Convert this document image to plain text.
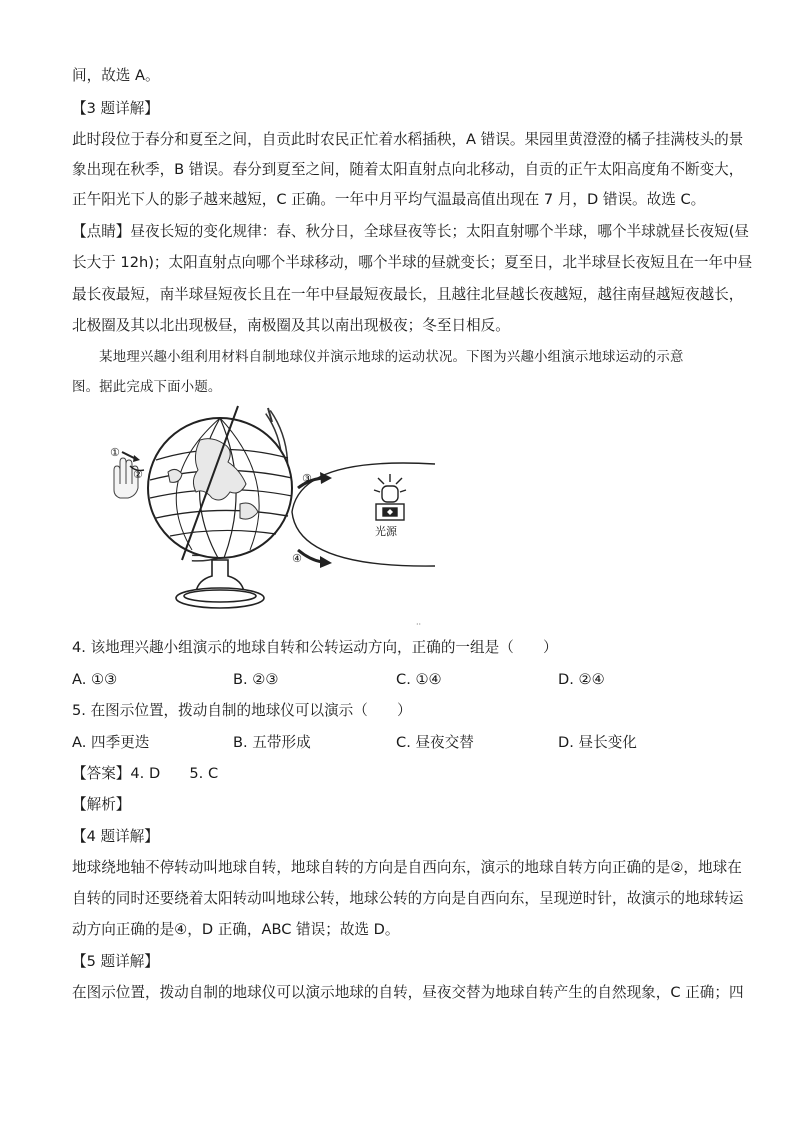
间，故选 A。
【3 题详解】
此时段位于春分和夏至之间，自贡此时农民正忙着水稻插秧，A 错误。果园里黄澄澄的橘子挂满枝头的景
象出现在秋季，B 错误。春分到夏至之间，随着太阳直射点向北移动，自贡的正午太阳高度角不断变大，
正午阳光下人的影子越来越短，C 正确。一年中月平均气温最高值出现在 7 月，D 错误。故选 C。
【点睛】昼夜长短的变化规律：春、秋分日，全球昼夜等长；太阳直射哪个半球，哪个半球就昼长夜短(昼
长大于 12h)；太阳直射点向哪个半球移动，哪个半球的昼就变长；夏至日，北半球昼长夜短且在一年中昼
最长夜最短，南半球昼短夜长且在一年中昼最短夜最长，且越往北昼越长夜越短，越往南昼越短夜越长，
北极圈及其以北出现极昼，南极圈及其以南出现极夜；冬至日相反。
　　某地理兴趣小组利用材料自制地球仪并演示地球的运动状况。下图为兴趣小组演示地球运动的示意
图。据此完成下面小题。
①
②	③
④
光源
··
4. 该地理兴趣小组演示的地球自转和公转运动方向，正确的一组是（　　）
A. ①③	B. ②③	C. ①④	D. ②④
5. 在图示位置，拨动自制的地球仪可以演示（　　）
A. 四季更迭	B. 五带形成	C. 昼夜交替	D. 昼长变化
【答案】4. D　　5. C
【解析】
【4 题详解】
地球绕地轴不停转动叫地球自转，地球自转的方向是自西向东，演示的地球自转方向正确的是②，地球在
自转的同时还要绕着太阳转动叫地球公转，地球公转的方向是自西向东，呈现逆时针，故演示的地球转运
动方向正确的是④，D 正确，ABC 错误；故选 D。
【5 题详解】
在图示位置，拨动自制的地球仪可以演示地球的自转，昼夜交替为地球自转产生的自然现象，C 正确；四
